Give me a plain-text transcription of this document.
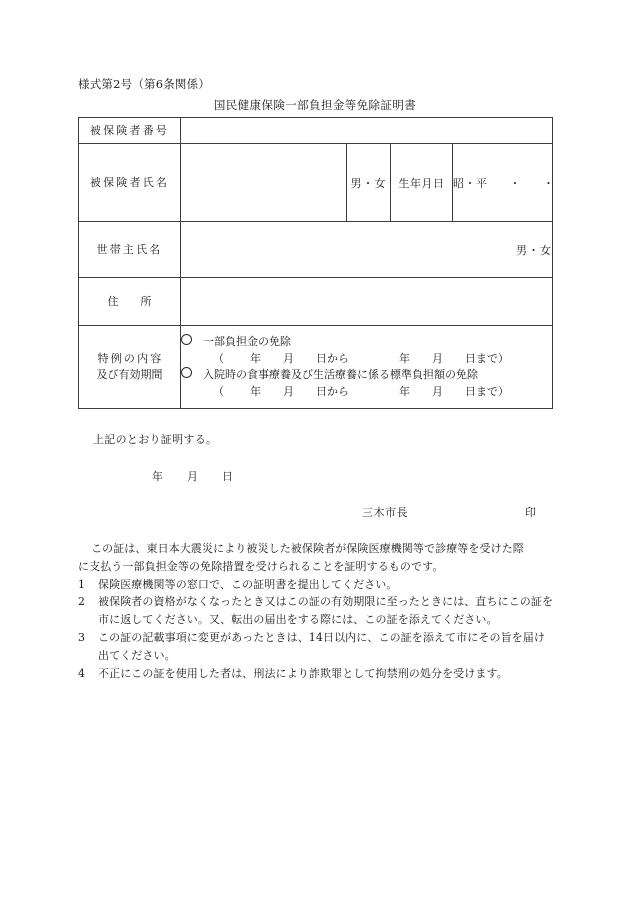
様式第2号（第6条関係）
国民健康保険一部負担金等免除証明書
被保険者番号				
被保険者氏名		男・女	生年月日	昭・平 ・ ・
世帯主氏名	男・女			
住　　所				

特例の内容
及び有効期間

一部負担金の免除
（ 年 月 日から	年 月 日まで）
入院時の食事療養及び生活療養に係る標準負担額の免除
（ 年 月 日から	年 月 日まで）
上記のとおり証明する。
年 月 日
三木市長	印

この証は、東日本大震災により被災した被保険者が保険医療機関等で診療等を受けた際

に支払う一部負担金等の免除措置を受けられることを証明するものです。

1 保険医療機関等の窓口で、この証明書を提出してください。

2 被保険者の資格がなくなったとき又はこの証の有効期限に至ったときには、直ちにこの証を市に返してください。又、転出の届出をする際には、この証を添えてください。

3 この証の記載事項に変更があったときは、14日以内に、この証を添えて市にその旨を届け出てください。

4 不正にこの証を使用した者は、刑法により詐欺罪として拘禁刑の処分を受けます。
